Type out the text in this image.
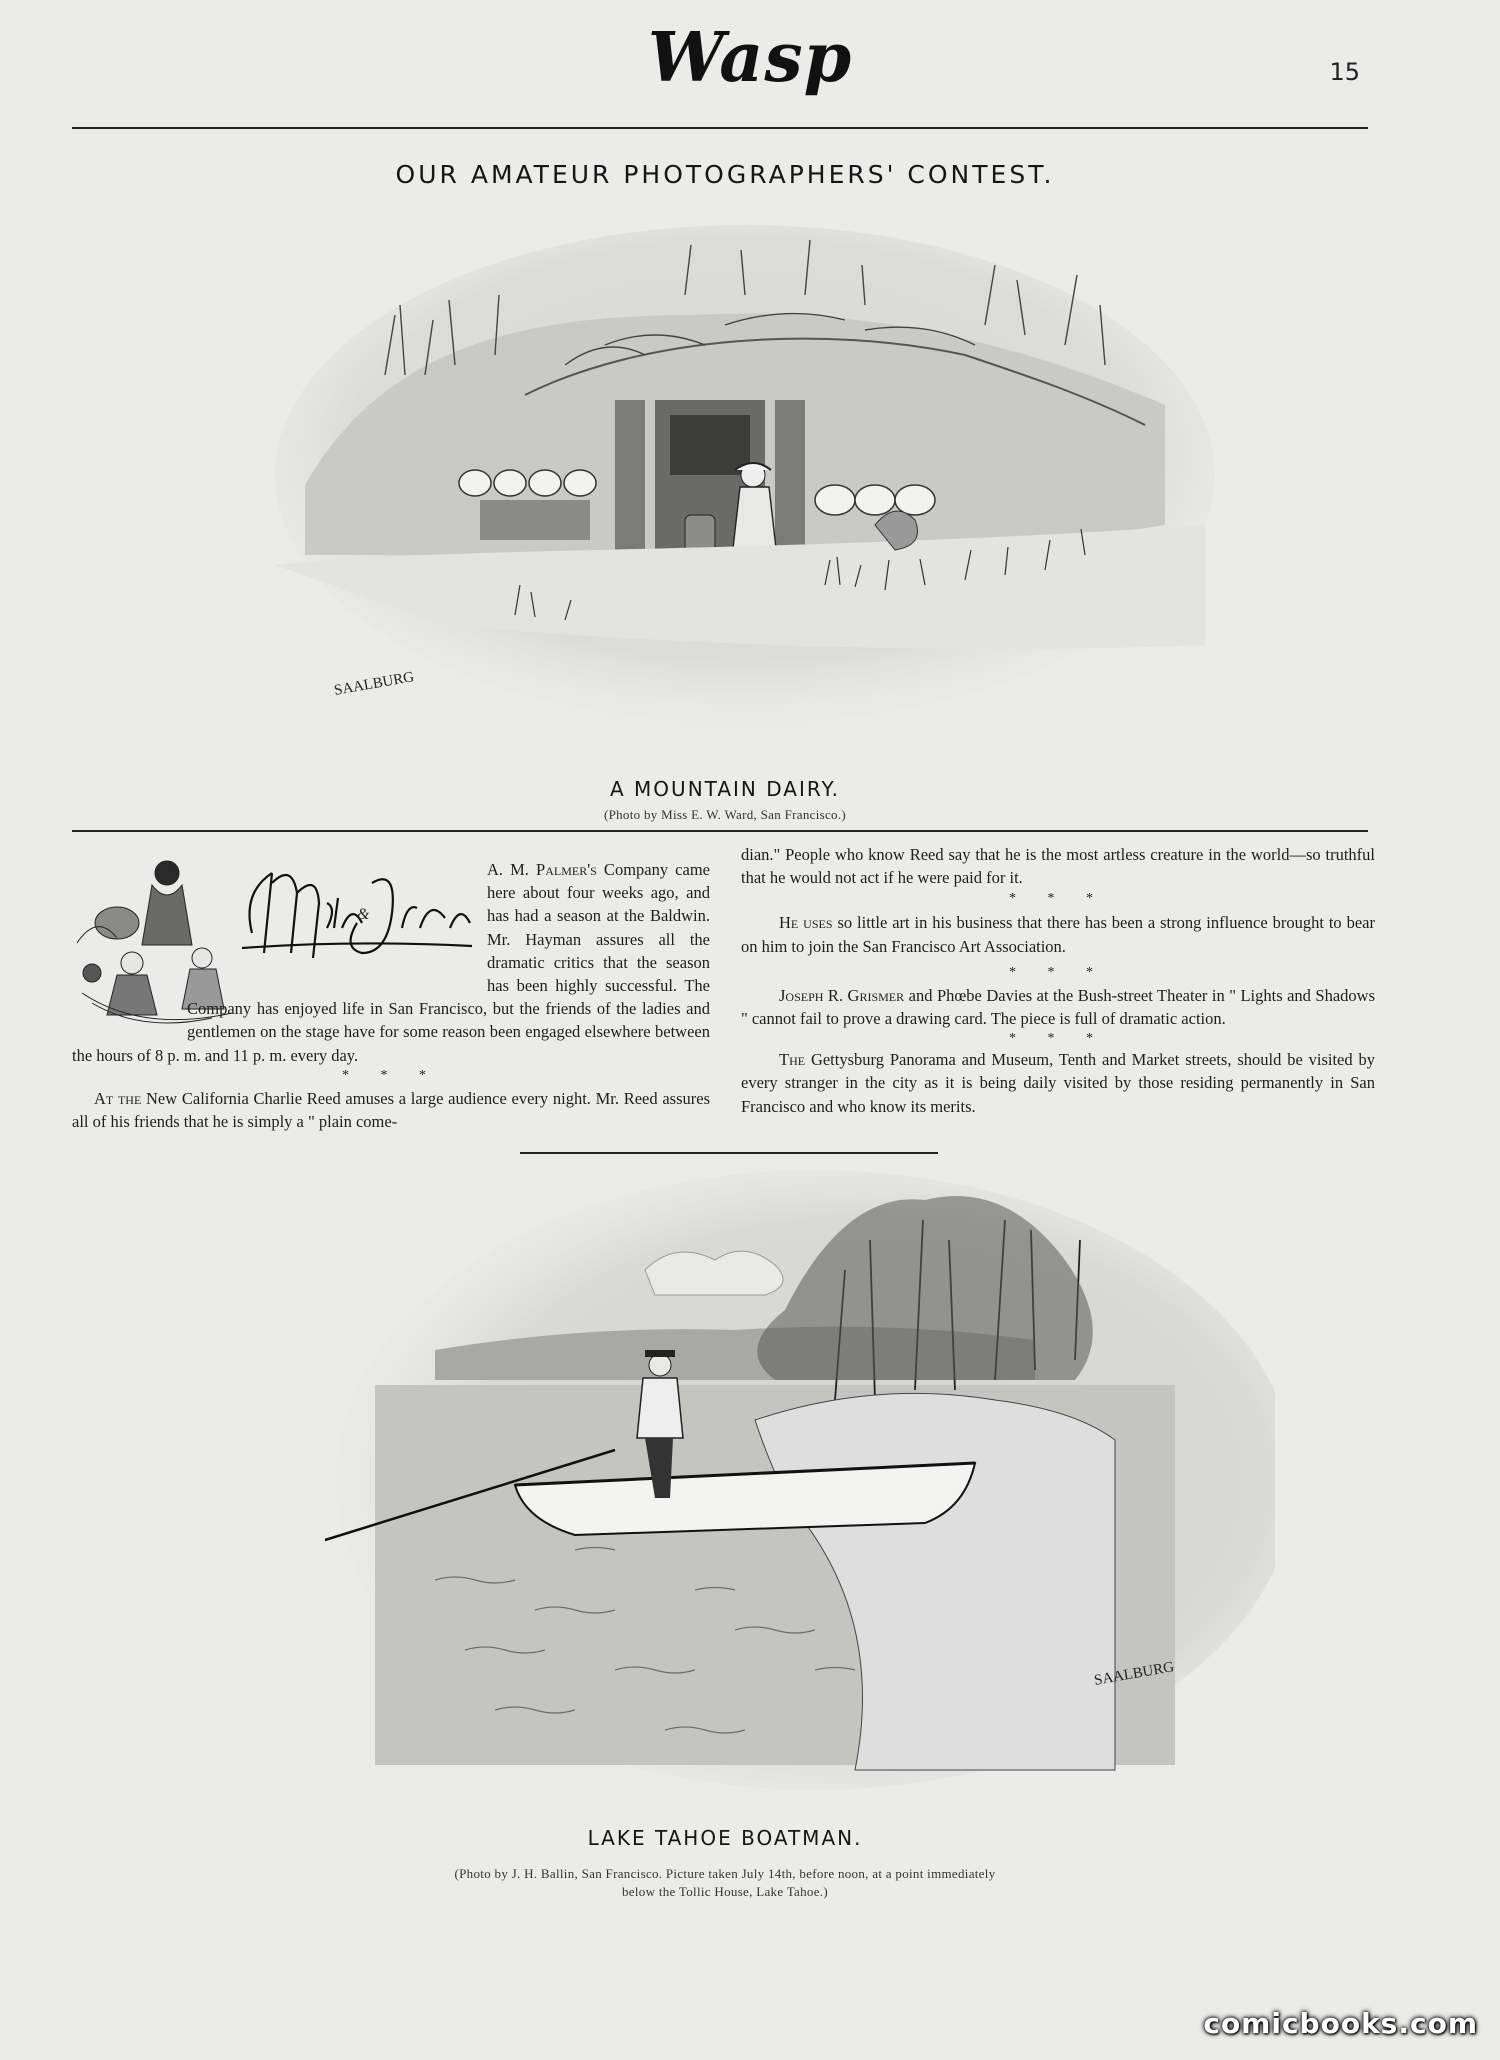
Wasp	15
OUR AMATEUR PHOTOGRAPHERS' CONTEST.
SAALBURG
A MOUNTAIN DAIRY.
(Photo by Miss E. W. Ward, San Francisco.)
&

A. M. Palmer's Company came here about four weeks ago, and has had a season at the Baldwin. Mr. Hayman assures all the dramatic critics that the season has been highly successful. The Company has enjoyed life in San Francisco, but the friends of the ladies and gentlemen on the stage have for some reason been engaged elsewhere between the hours of 8 p. m. and 11 p. m. every day.

* * *

At the New California Charlie Reed amuses a large audience every night. Mr. Reed assures all of his friends that he is simply a " plain come-

dian." People who know Reed say that he is the most artless creature in the world—so truthful that he would not act if he were paid for it.

* * *

He uses so little art in his business that there has been a strong influence brought to bear on him to join the San Francisco Art Association.

* * *

Joseph R. Grismer and Phœbe Davies at the Bush-street Theater in " Lights and Shadows " cannot fail to prove a drawing card. The piece is full of dramatic action.

* * *

The Gettysburg Panorama and Museum, Tenth and Market streets, should be visited by every stranger in the city as it is being daily visited by those residing permanently in San Francisco and who know its merits.

SAALBURG
LAKE TAHOE BOATMAN.
(Photo by J. H. Ballin, San Francisco. Picture taken July 14th, before noon, at a point immediately
below the Tollic House, Lake Tahoe.)
comicbooks.com
